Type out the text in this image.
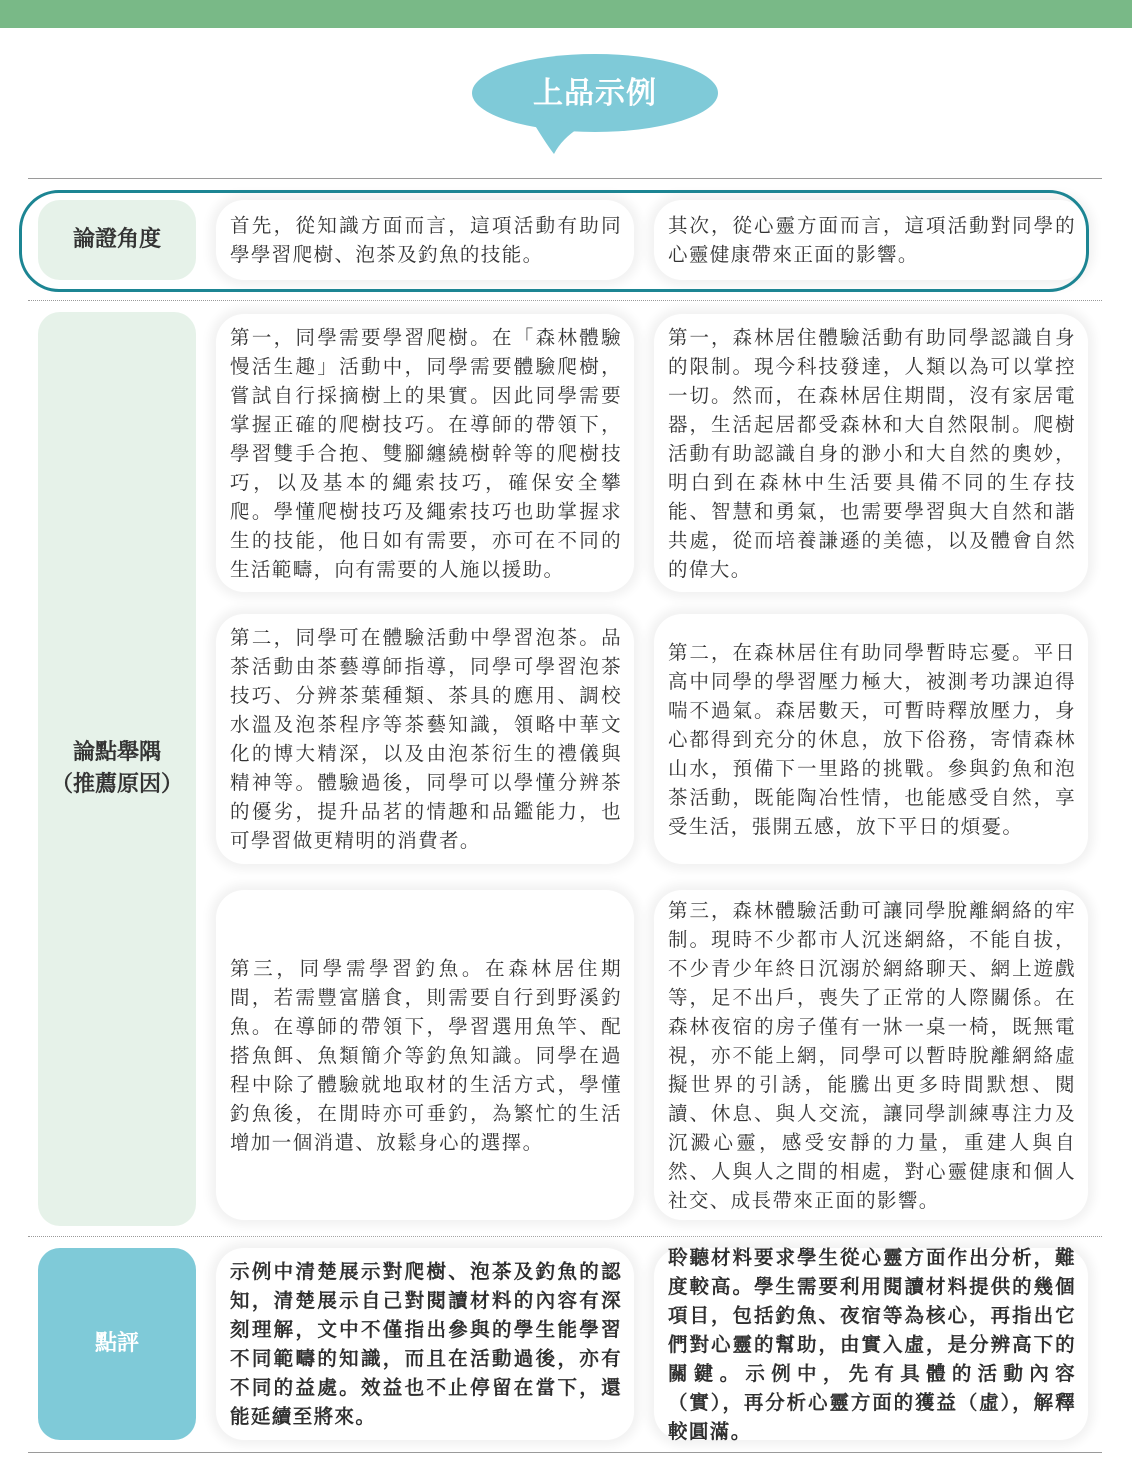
上品示例
論證角度
首先，從知識方面而言，這項活動有助同學學習爬樹、泡茶及釣魚的技能。
其次，從心靈方面而言，這項活動對同學的心靈健康帶來正面的影響。
論點舉隅
（推薦原因）
第一，同學需要學習爬樹。在「森林體驗慢活生趣」活動中，同學需要體驗爬樹，嘗試自行採摘樹上的果實。因此同學需要掌握正確的爬樹技巧。在導師的帶領下，學習雙手合抱、雙腳纏繞樹幹等的爬樹技巧，以及基本的繩索技巧，確保安全攀爬。學懂爬樹技巧及繩索技巧也助掌握求生的技能，他日如有需要，亦可在不同的生活範疇，向有需要的人施以援助。
第二，同學可在體驗活動中學習泡茶。品茶活動由茶藝導師指導，同學可學習泡茶技巧、分辨茶葉種類、茶具的應用、調校水溫及泡茶程序等茶藝知識，領略中華文化的博大精深，以及由泡茶衍生的禮儀與精神等。體驗過後，同學可以學懂分辨茶的優劣，提升品茗的情趣和品鑑能力，也可學習做更精明的消費者。
第三，同學需學習釣魚。在森林居住期間，若需豐富膳食，則需要自行到野溪釣魚。在導師的帶領下，學習選用魚竿、配搭魚餌、魚類簡介等釣魚知識。同學在過程中除了體驗就地取材的生活方式，學懂釣魚後，在閒時亦可垂釣，為繁忙的生活增加一個消遣、放鬆身心的選擇。
第一，森林居住體驗活動有助同學認識自身的限制。現今科技發達，人類以為可以掌控一切。然而，在森林居住期間，沒有家居電器，生活起居都受森林和大自然限制。爬樹活動有助認識自身的渺小和大自然的奧妙，明白到在森林中生活要具備不同的生存技能、智慧和勇氣，也需要學習與大自然和諧共處，從而培養謙遜的美德，以及體會自然的偉大。
第二，在森林居住有助同學暫時忘憂。平日高中同學的學習壓力極大，被測考功課迫得喘不過氣。森居數天，可暫時釋放壓力，身心都得到充分的休息，放下俗務，寄情森林山水，預備下一里路的挑戰。參與釣魚和泡茶活動，既能陶冶性情，也能感受自然，享受生活，張開五感，放下平日的煩憂。
第三，森林體驗活動可讓同學脫離網絡的牢制。現時不少都市人沉迷網絡，不能自拔，不少青少年終日沉溺於網絡聊天、網上遊戲等，足不出戶，喪失了正常的人際關係。在森林夜宿的房子僅有一牀一桌一椅，既無電視，亦不能上網，同學可以暫時脫離網絡虛擬世界的引誘，能騰出更多時間默想、閱讀、休息、與人交流，讓同學訓練專注力及沉澱心靈，感受安靜的力量，重建人與自然、人與人之間的相處，對心靈健康和個人社交、成長帶來正面的影響。
點評
示例中清楚展示對爬樹、泡茶及釣魚的認知，清楚展示自己對閱讀材料的內容有深刻理解，文中不僅指出參與的學生能學習不同範疇的知識，而且在活動過後，亦有不同的益處。效益也不止停留在當下，還能延續至將來。
聆聽材料要求學生從心靈方面作出分析，難度較高。學生需要利用閱讀材料提供的幾個項目，包括釣魚、夜宿等為核心，再指出它們對心靈的幫助，由實入虛，是分辨高下的關鍵。示例中，先有具體的活動內容（實），再分析心靈方面的獲益（虛），解釋較圓滿。
